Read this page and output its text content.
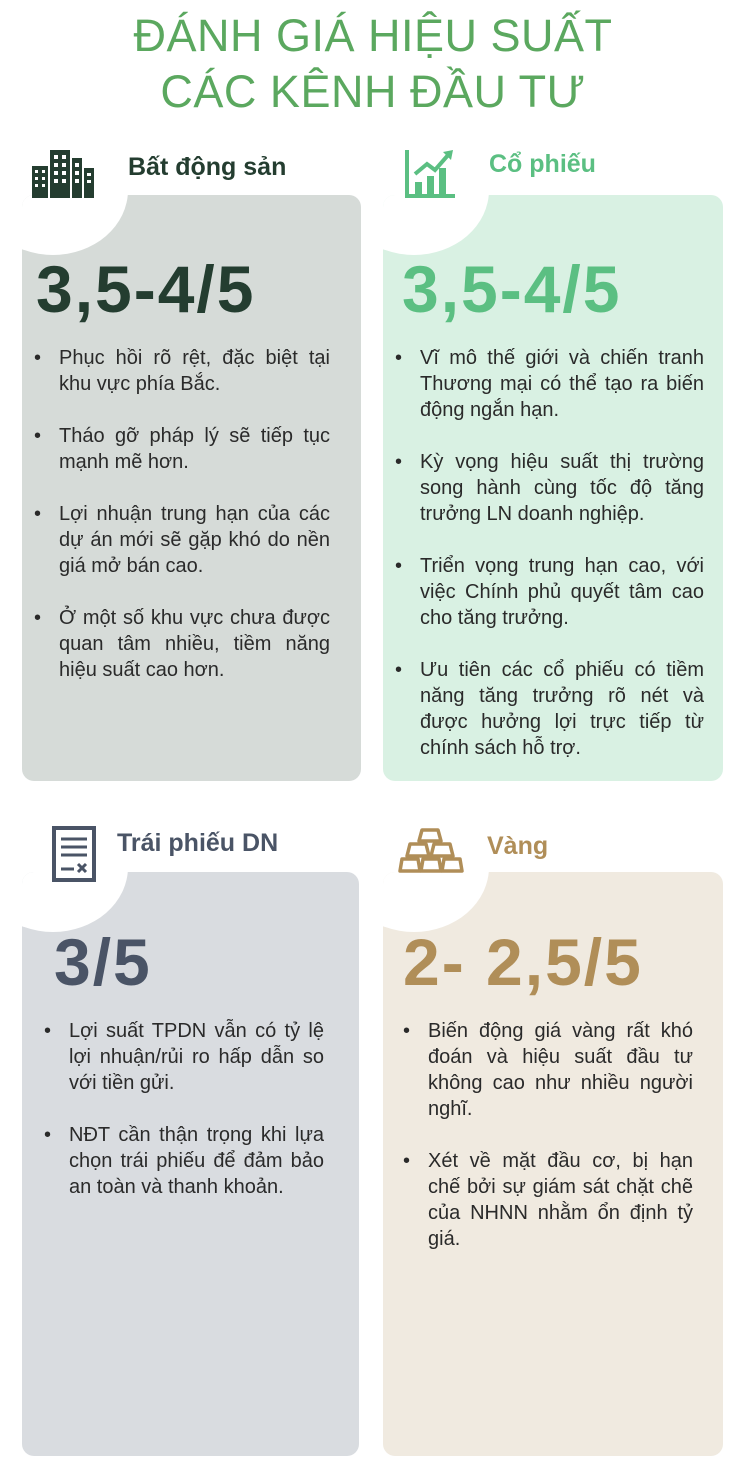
ĐÁNH GIÁ HIỆU SUẤT
CÁC KÊNH ĐẦU TƯ
3,5-4/5
• Phục hồi rõ rệt, đặc biệt tại khu vực phía Bắc.
• Tháo gỡ pháp lý sẽ tiếp tục mạnh mẽ hơn.
• Lợi nhuận trung hạn của các dự án mới sẽ gặp khó do nền giá mở bán cao.
• Ở một số khu vực chưa được quan tâm nhiều, tiềm năng hiệu suất cao hơn.
Bất động sản
3,5-4/5
• Vĩ mô thế giới và chiến tranh Thương mại có thể tạo ra biến động ngắn hạn.
• Kỳ vọng hiệu suất thị trường song hành cùng tốc độ tăng trưởng LN doanh nghiệp.
• Triển vọng trung hạn cao, với việc Chính phủ quyết tâm cao cho tăng trưởng.
• Ưu tiên các cổ phiếu có tiềm năng tăng trưởng rõ nét và được hưởng lợi trực tiếp từ chính sách hỗ trợ.
Cổ phiếu
3/5
• Lợi suất TPDN vẫn có tỷ lệ lợi nhuận/rủi ro hấp dẫn so với tiền gửi.
• NĐT cần thận trọng khi lựa chọn trái phiếu để đảm bảo an toàn và thanh khoản.
Trái phiếu DN
2- 2,5/5
• Biến động giá vàng rất khó đoán và hiệu suất đầu tư không cao như nhiều người nghĩ.
• Xét về mặt đầu cơ, bị hạn chế bởi sự giám sát chặt chẽ của NHNN nhằm ổn định tỷ giá.
Vàng
